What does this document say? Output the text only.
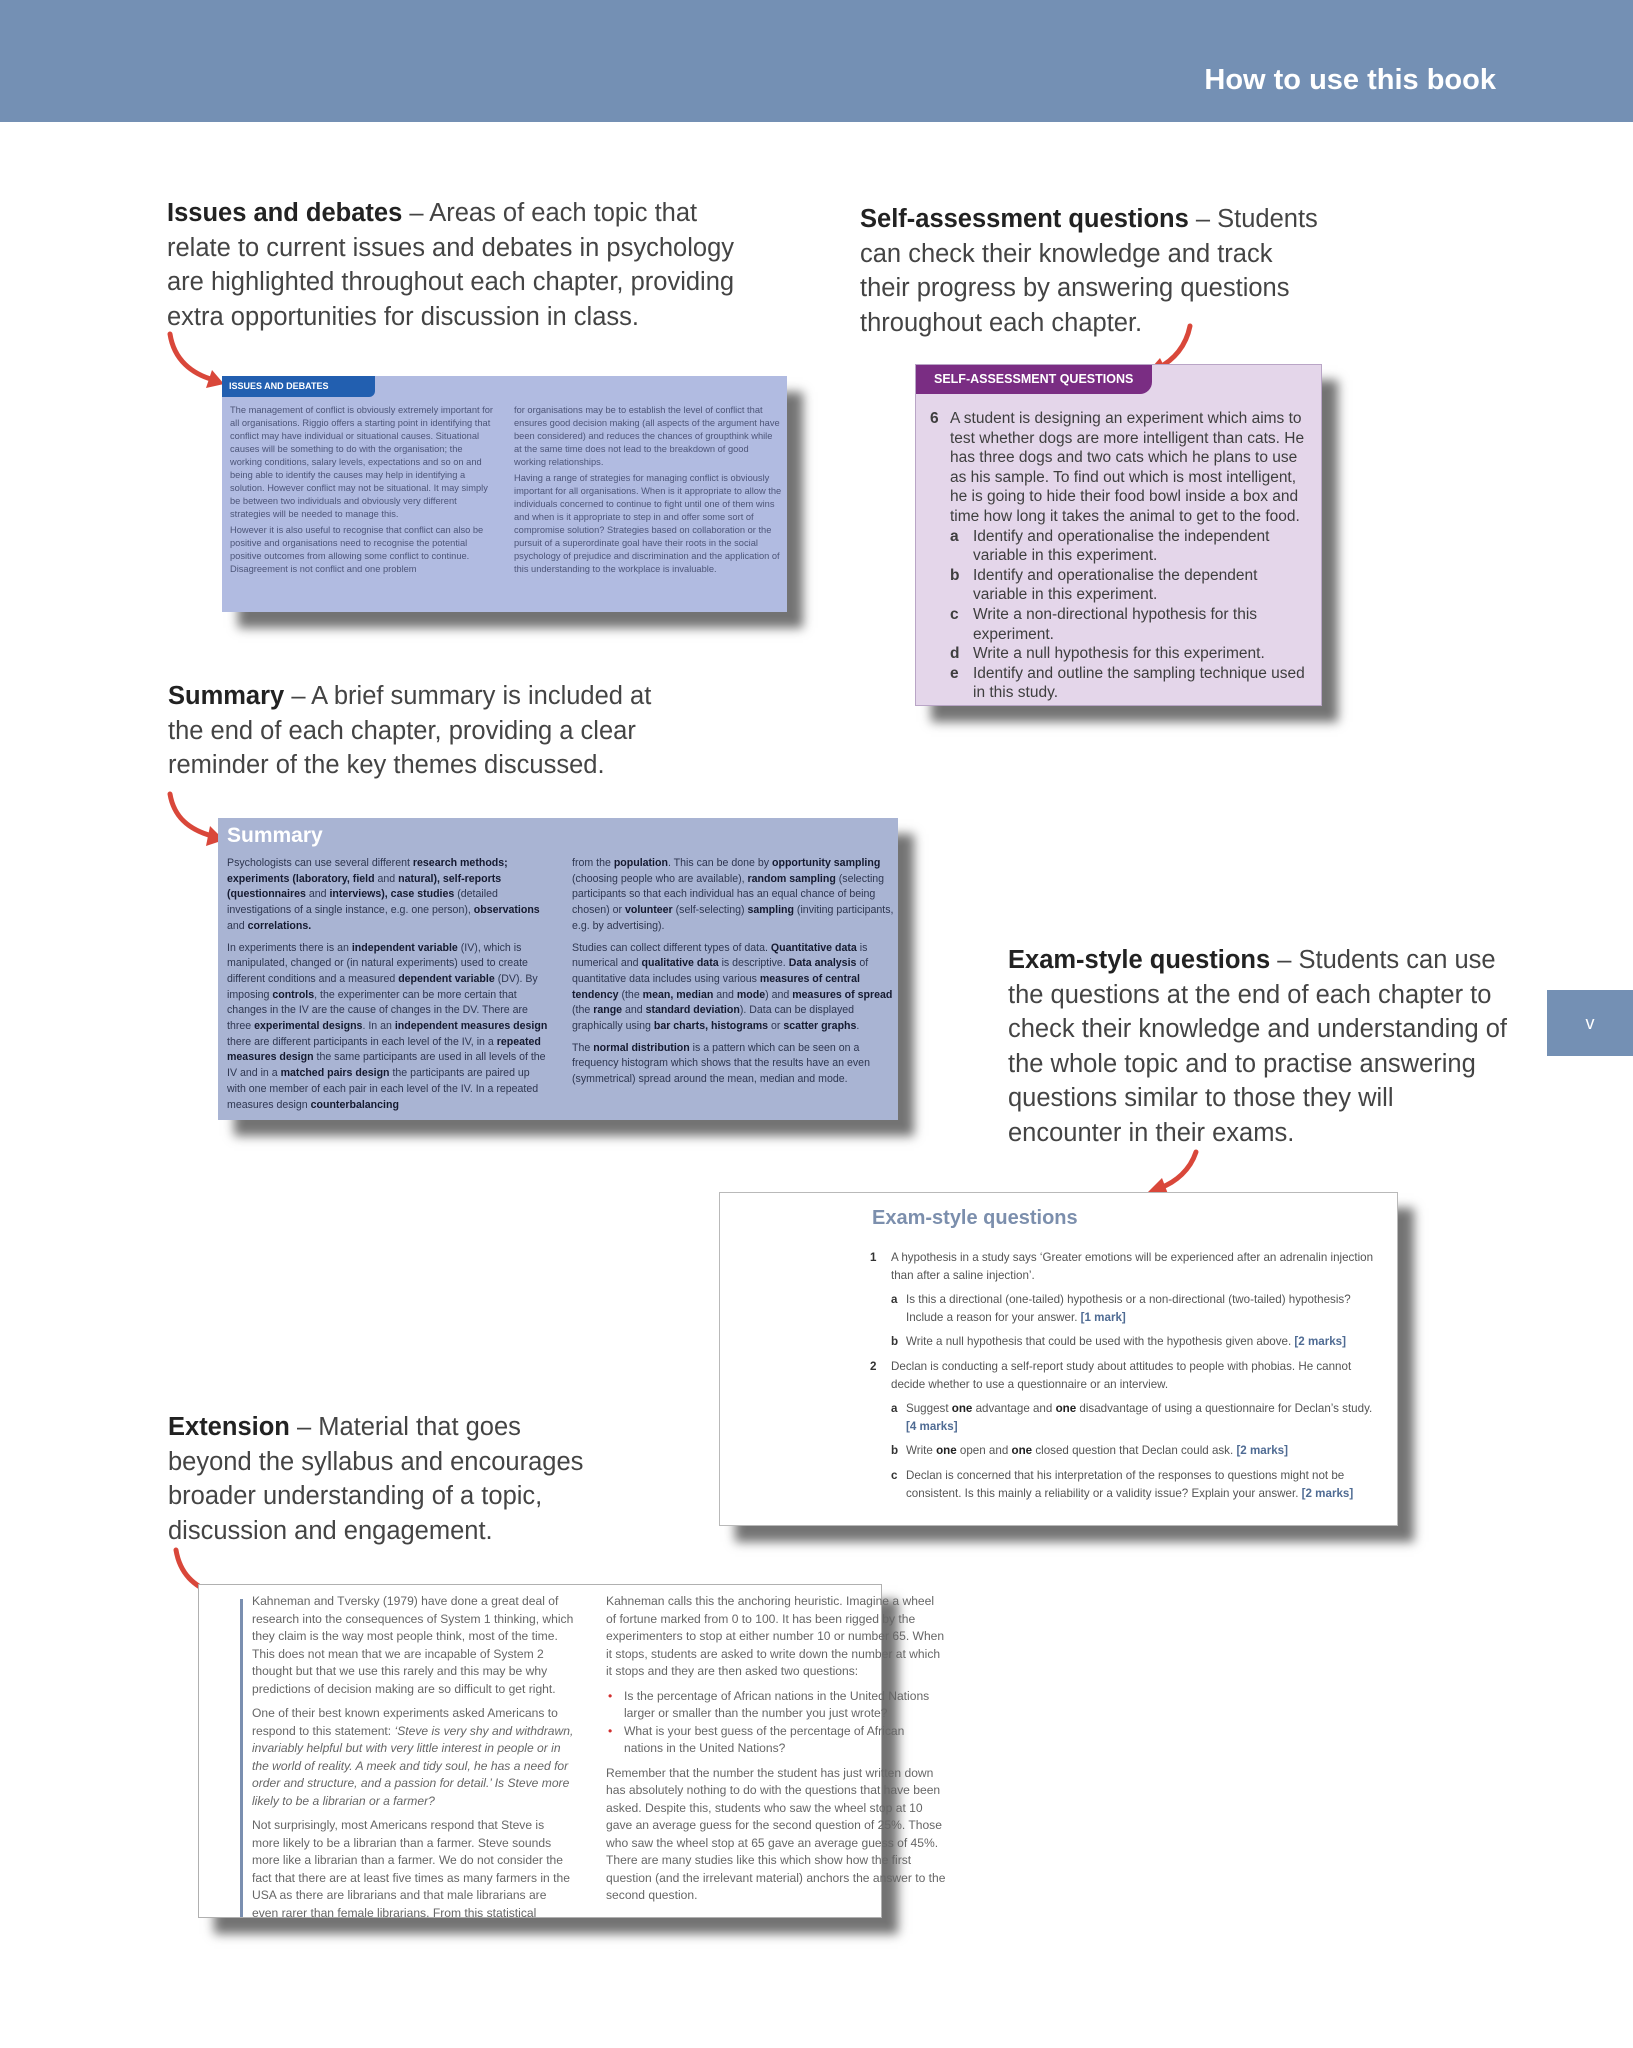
How to use this book
v
Issues and debates – Areas of each topic that relate to current issues and debates in psychology are highlighted throughout each chapter, providing extra opportunities for discussion in class.
ISSUES AND DEBATES

The management of conflict is obviously extremely important for all organisations. Riggio offers a starting point in identifying that conflict may have individual or situational causes. Situational causes will be something to do with the organisation; the working conditions, salary levels, expectations and so on and being able to identify the causes may help in identifying a solution. However conflict may not be situational. It may simply be between two individuals and obviously very different strategies will be needed to manage this.

However it is also useful to recognise that conflict can also be positive and organisations need to recognise the potential positive outcomes from allowing some conflict to continue. Disagreement is not conflict and one problem

for organisations may be to establish the level of conflict that ensures good decision making (all aspects of the argument have been considered) and reduces the chances of groupthink while at the same time does not lead to the breakdown of good working relationships.

Having a range of strategies for managing conflict is obviously important for all organisations. When is it appropriate to allow the individuals concerned to continue to fight until one of them wins and when is it appropriate to step in and offer some sort of compromise solution? Strategies based on collaboration or the pursuit of a superordinate goal have their roots in the social psychology of prejudice and discrimination and the application of this understanding to the workplace is invaluable.

Self-assessment questions – Students can check their knowledge and track their progress by answering questions throughout each chapter.
SELF-ASSESSMENT QUESTIONS
6 A student is designing an experiment which aims to test whether dogs are more intelligent than cats. He has three dogs and two cats which he plans to use as his sample. To find out which is most intelligent, he is going to hide their food bowl inside a box and time how long it takes the animal to get to the food.
a Identify and operationalise the independent variable in this experiment.
b Identify and operationalise the dependent variable in this experiment.
c Write a non-directional hypothesis for this experiment.
d Write a null hypothesis for this experiment.
e Identify and outline the sampling technique used in this study.
Summary – A brief summary is included at the end of each chapter, providing a clear reminder of the key themes discussed.
Summary

Psychologists can use several different research methods; experiments (laboratory, field and natural), self-reports (questionnaires and interviews), case studies (detailed investigations of a single instance, e.g. one person), observations and correlations.

In experiments there is an independent variable (IV), which is manipulated, changed or (in natural experiments) used to create different conditions and a measured dependent variable (DV). By imposing controls, the experimenter can be more certain that changes in the IV are the cause of changes in the DV. There are three experimental designs. In an independent measures design there are different participants in each level of the IV, in a repeated measures design the same participants are used in all levels of the IV and in a matched pairs design the participants are paired up with one member of each pair in each level of the IV. In a repeated measures design counterbalancing

from the population. This can be done by opportunity sampling (choosing people who are available), random sampling (selecting participants so that each individual has an equal chance of being chosen) or volunteer (self-selecting) sampling (inviting participants, e.g. by advertising).

Studies can collect different types of data. Quantitative data is numerical and qualitative data is descriptive. Data analysis of quantitative data includes using various measures of central tendency (the mean, median and mode) and measures of spread (the range and standard deviation). Data can be displayed graphically using bar charts, histograms or scatter graphs.

The normal distribution is a pattern which can be seen on a frequency histogram which shows that the results have an even (symmetrical) spread around the mean, median and mode.

Exam-style questions – Students can use the questions at the end of each chapter to check their knowledge and understanding of the whole topic and to practise answering questions similar to those they will encounter in their exams.
Exam-style questions
1	A hypothesis in a study says ‘Greater emotions will be experienced after an adrenalin injection than after a saline injection’.
a Is this a directional (one-tailed) hypothesis or a non-directional (two-tailed) hypothesis? Include a reason for your answer. [1 mark]
b Write a null hypothesis that could be used with the hypothesis given above. [2 marks]
2	Declan is conducting a self-report study about attitudes to people with phobias. He cannot decide whether to use a questionnaire or an interview.
a Suggest one advantage and one disadvantage of using a questionnaire for Declan’s study. [4 marks]
b Write one open and one closed question that Declan could ask. [2 marks]
c Declan is concerned that his interpretation of the responses to questions might not be consistent. Is this mainly a reliability or a validity issue? Explain your answer. [2 marks]
Extension – Material that goes beyond the syllabus and encourages broader understanding of a topic, discussion and engagement.

Kahneman and Tversky (1979) have done a great deal of research into the consequences of System 1 thinking, which they claim is the way most people think, most of the time. This does not mean that we are incapable of System 2 thought but that we use this rarely and this may be why predictions of decision making are so difficult to get right.

One of their best known experiments asked Americans to respond to this statement: ‘Steve is very shy and withdrawn, invariably helpful but with very little interest in people or in the world of reality. A meek and tidy soul, he has a need for order and structure, and a passion for detail.’ Is Steve more likely to be a librarian or a farmer?

Not surprisingly, most Americans respond that Steve is more likely to be a librarian than a farmer. Steve sounds more like a librarian than a farmer. We do not consider the fact that there are at least five times as many farmers in the USA as there are librarians and that male librarians are even rarer than female librarians. From this statistical

Kahneman calls this the anchoring heuristic. Imagine a wheel of fortune marked from 0 to 100. It has been rigged by the experimenters to stop at either number 10 or number 65. When it stops, students are asked to write down the number at which it stops and they are then asked two questions:

• Is the percentage of African nations in the United Nations larger or smaller than the number you just wrote?
• What is your best guess of the percentage of African nations in the United Nations?

Remember that the number the student has just written down has absolutely nothing to do with the questions that have been asked. Despite this, students who saw the wheel stop at 10 gave an average guess for the second question of 25%. Those who saw the wheel stop at 65 gave an average guess of 45%. There are many studies like this which show how the first question (and the irrelevant material) anchors the answer to the second question.
